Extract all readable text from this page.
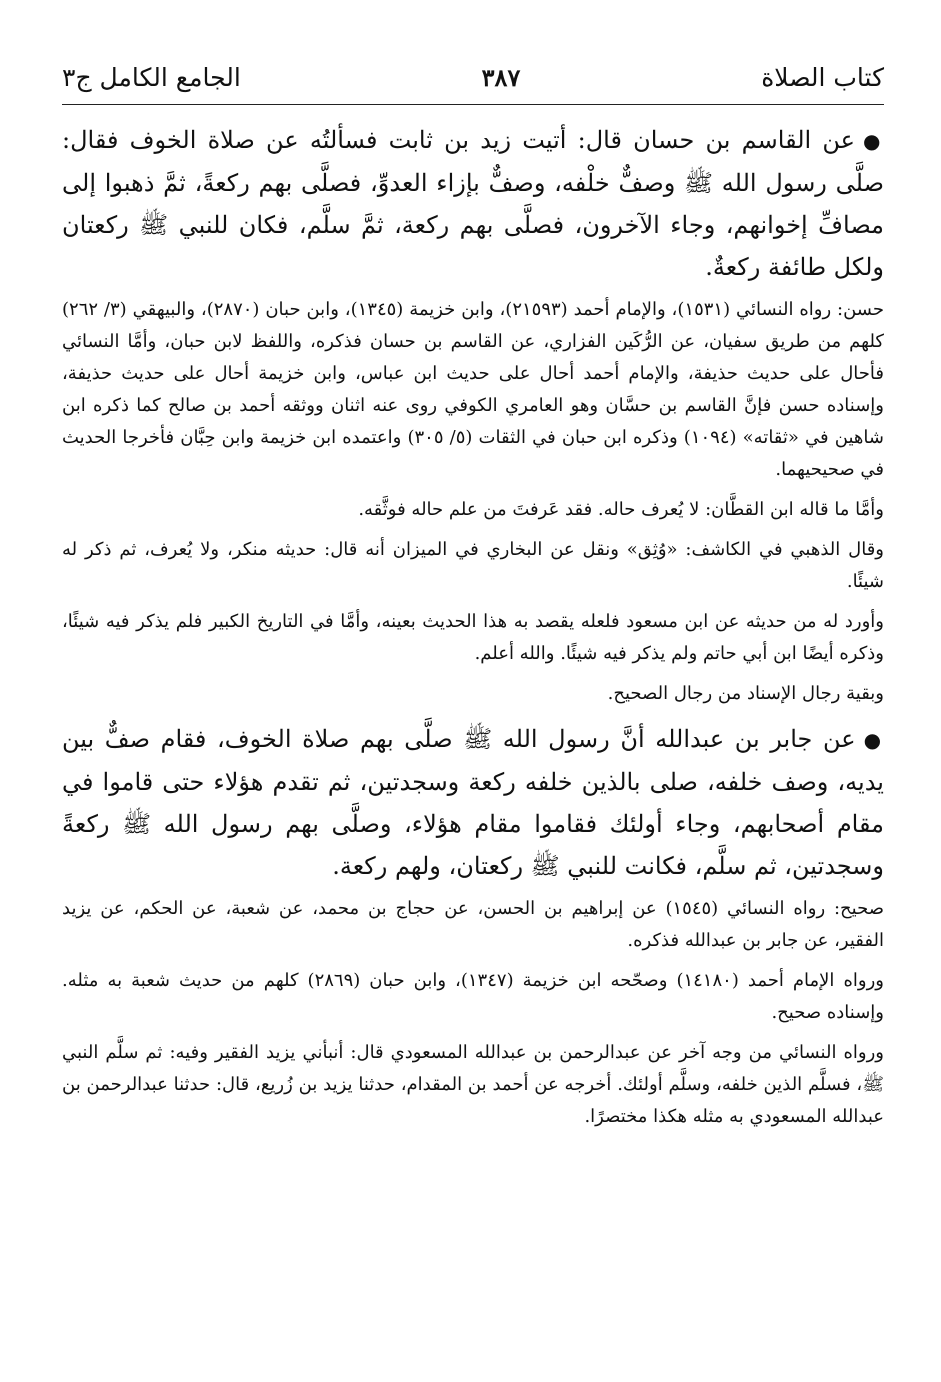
كتاب الصلاة
٣٨٧
الجامع الكامل ج٣

●عن القاسم بن حسان قال: أتيت زيد بن ثابت فسألتُه عن صلاة الخوف فقال: صلَّى رسول الله ﷺ وصفٌّ خلْفه، وصفٌّ بإزاء العدوِّ، فصلَّى بهم ركعةً، ثمَّ ذهبوا إلى مصافِّ إخوانهم، وجاء الآخرون، فصلَّى بهم ركعة، ثمَّ سلَّم، فكان للنبي ﷺ ركعتان ولكل طائفة ركعةٌ.

حسن: رواه النسائي (١٥٣١)، والإمام أحمد (٢١٥٩٣)، وابن خزيمة (١٣٤٥)، وابن حبان (٢٨٧٠)، والبيهقي (٣/ ٢٦٢) كلهم من طريق سفيان، عن الرُّكَين الفزاري، عن القاسم بن حسان فذكره، واللفظ لابن حبان، وأمَّا النسائي فأحال على حديث حذيفة، والإمام أحمد أحال على حديث ابن عباس، وابن خزيمة أحال على حديث حذيفة، وإسناده حسن فإنَّ القاسم بن حسَّان وهو العامري الكوفي روى عنه اثنان ووثقه أحمد بن صالح كما ذكره ابن شاهين في «ثقاته» (١٠٩٤) وذكره ابن حبان في الثقات (٥/ ٣٠٥) واعتمده ابن خزيمة وابن حِبَّان فأخرجا الحديث في صحيحيهما.

وأمَّا ما قاله ابن القطَّان: لا يُعرف حاله. فقد عَرفتَ من علم حاله فوثَّقه.

وقال الذهبي في الكاشف: «وُثِق» ونقل عن البخاري في الميزان أنه قال: حديثه منكر، ولا يُعرف، ثم ذكر له شيئًا.

وأورد له من حديثه عن ابن مسعود فلعله يقصد به هذا الحديث بعينه، وأمَّا في التاريخ الكبير فلم يذكر فيه شيئًا، وذكره أيضًا ابن أبي حاتم ولم يذكر فيه شيئًا. والله أعلم.

وبقية رجال الإسناد من رجال الصحيح.

●عن جابر بن عبدالله أنَّ رسول الله ﷺ صلَّى بهم صلاة الخوف، فقام صفٌّ بين يديه، وصف خلفه، صلى بالذين خلفه ركعة وسجدتين، ثم تقدم هؤلاء حتى قاموا في مقام أصحابهم، وجاء أولئك فقاموا مقام هؤلاء، وصلَّى بهم رسول الله ﷺ ركعةً وسجدتين، ثم سلَّم، فكانت للنبي ﷺ ركعتان، ولهم ركعة.

صحيح: رواه النسائي (١٥٤٥) عن إبراهيم بن الحسن، عن حجاج بن محمد، عن شعبة، عن الحكم، عن يزيد الفقير، عن جابر بن عبدالله فذكره.

ورواه الإمام أحمد (١٤١٨٠) وصحّحه ابن خزيمة (١٣٤٧)، وابن حبان (٢٨٦٩) كلهم من حديث شعبة به مثله. وإسناده صحيح.

ورواه النسائي من وجه آخر عن عبدالرحمن بن عبدالله المسعودي قال: أنبأني يزيد الفقير وفيه: ثم سلَّم النبي ﷺ، فسلَّم الذين خلفه، وسلَّم أولئك. أخرجه عن أحمد بن المقدام، حدثنا يزيد بن زُريع، قال: حدثنا عبدالرحمن بن عبدالله المسعودي به مثله هكذا مختصرًا.
